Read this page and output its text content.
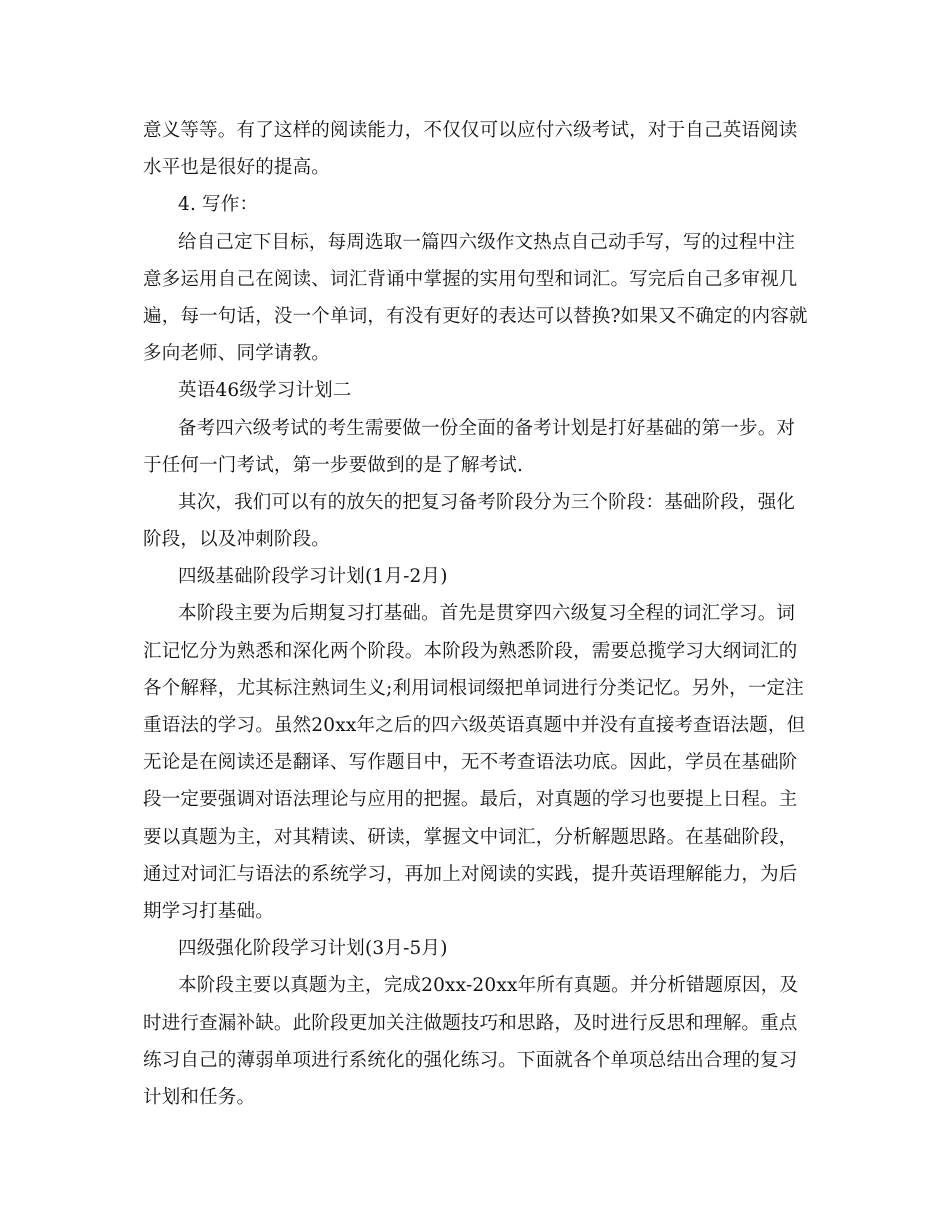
意义等等。有了这样的阅读能力，不仅仅可以应付六级考试，对于自己英语阅读
水平也是很好的提高。
4. 写作：
给自己定下目标，每周选取一篇四六级作文热点自己动手写，写的过程中注
意多运用自己在阅读、词汇背诵中掌握的实用句型和词汇。写完后自己多审视几
遍，每一句话，没一个单词，有没有更好的表达可以替换?如果又不确定的内容就
多向老师、同学请教。
英语46级学习计划二
备考四六级考试的考生需要做一份全面的备考计划是打好基础的第一步。对
于任何一门考试，第一步要做到的是了解考试.
其次，我们可以有的放矢的把复习备考阶段分为三个阶段：基础阶段，强化
阶段，以及冲刺阶段。
四级基础阶段学习计划(1月-2月)
本阶段主要为后期复习打基础。首先是贯穿四六级复习全程的词汇学习。词
汇记忆分为熟悉和深化两个阶段。本阶段为熟悉阶段，需要总揽学习大纲词汇的
各个解释，尤其标注熟词生义;利用词根词缀把单词进行分类记忆。另外，一定注
重语法的学习。虽然20xx年之后的四六级英语真题中并没有直接考查语法题，但
无论是在阅读还是翻译、写作题目中，无不考查语法功底。因此，学员在基础阶
段一定要强调对语法理论与应用的把握。最后，对真题的学习也要提上日程。主
要以真题为主，对其精读、研读，掌握文中词汇，分析解题思路。在基础阶段，
通过对词汇与语法的系统学习，再加上对阅读的实践，提升英语理解能力，为后
期学习打基础。
四级强化阶段学习计划(3月-5月)
本阶段主要以真题为主，完成20xx-20xx年所有真题。并分析错题原因，及
时进行查漏补缺。此阶段更加关注做题技巧和思路，及时进行反思和理解。重点
练习自己的薄弱单项进行系统化的强化练习。下面就各个单项总结出合理的复习
计划和任务。
